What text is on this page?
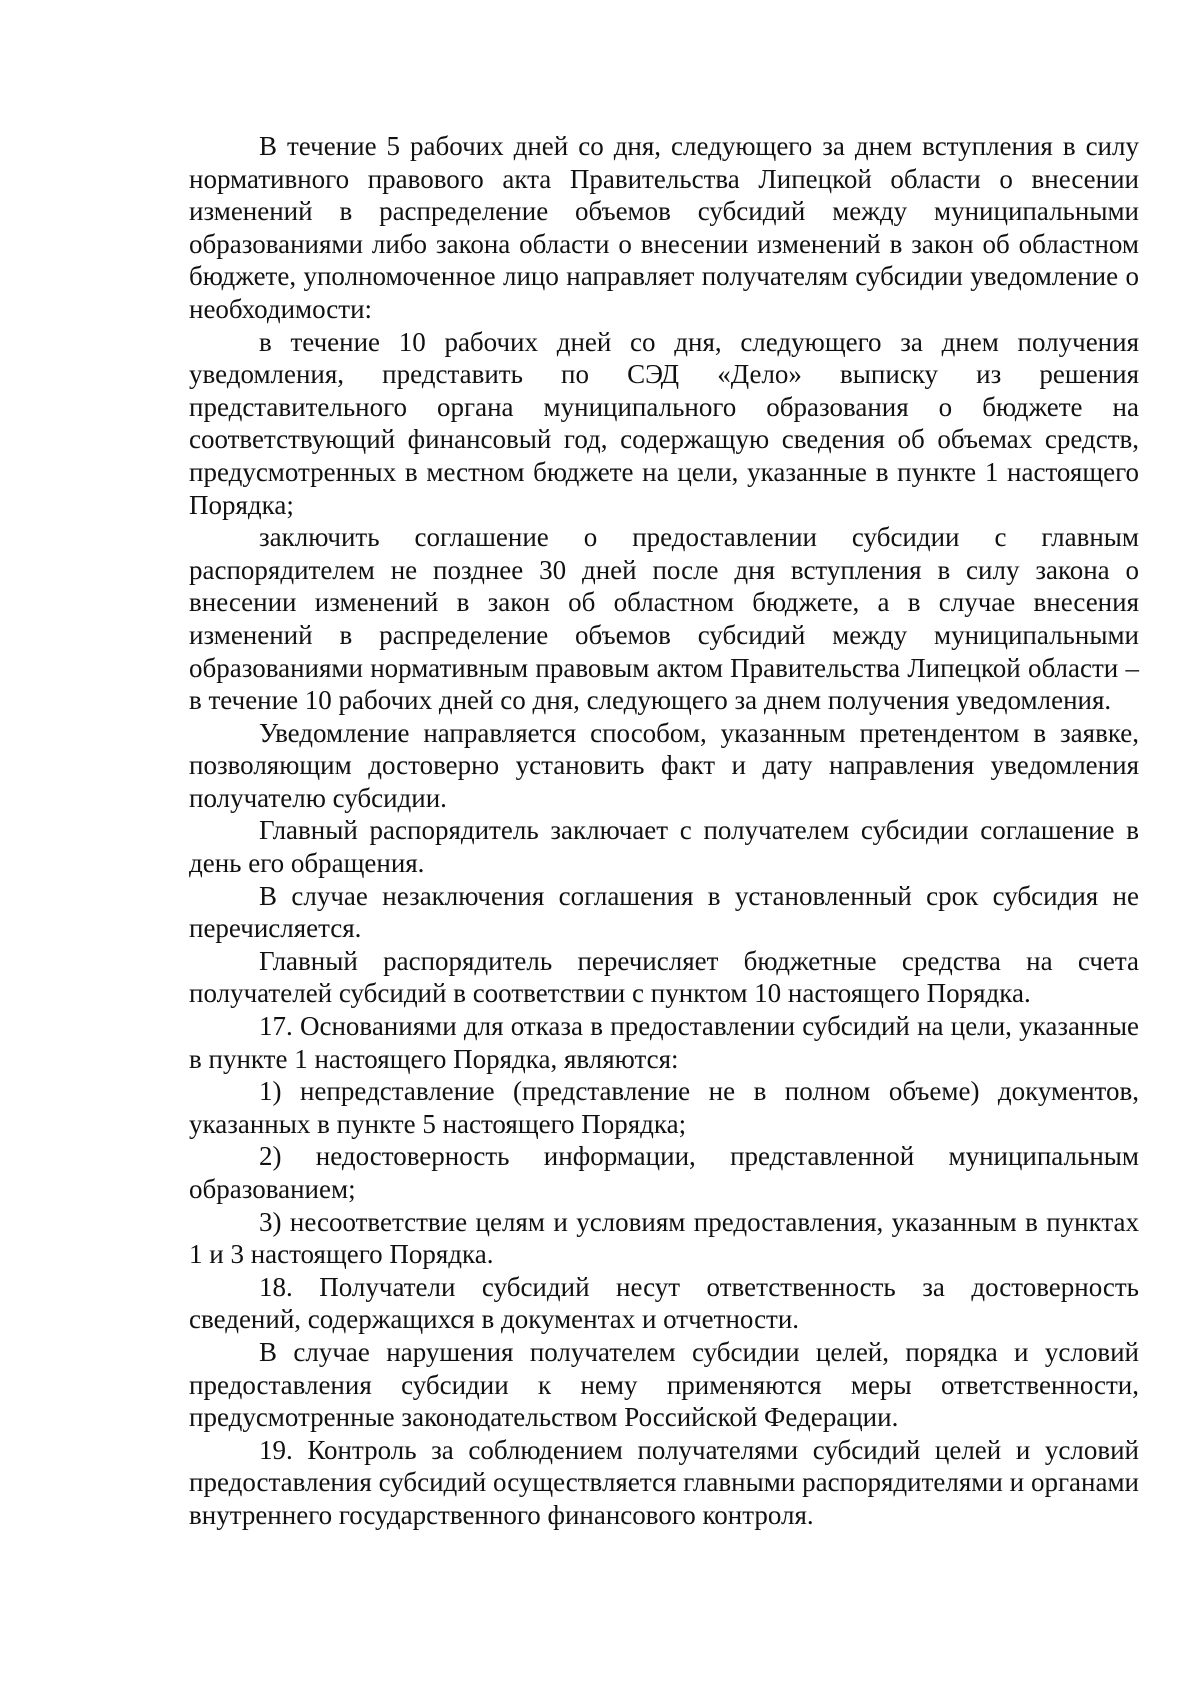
В течение 5 рабочих дней со дня, следующего за днем вступления в силу нормативного правового акта Правительства Липецкой области о внесении изменений в распределение объемов субсидий между муниципальными образованиями либо закона области о внесении изменений в закон об областном бюджете, уполномоченное лицо направляет получателям субсидии уведомление о необходимости:

в течение 10 рабочих дней со дня, следующего за днем получения уведомления, представить по СЭД «Дело» выписку из решения представительного органа муниципального образования о бюджете на соответствующий финансовый год, содержащую сведения об объемах средств, предусмотренных в местном бюджете на цели, указанные в пункте 1 настоящего Порядка;

заключить соглашение о предоставлении субсидии с главным распорядителем не позднее 30 дней после дня вступления в силу закона о внесении изменений в закон об областном бюджете, а в случае внесения изменений в распределение объемов субсидий между муниципальными образованиями нормативным правовым актом Правительства Липецкой области – в течение 10 рабочих дней со дня, следующего за днем получения уведомления.

Уведомление направляется способом, указанным претендентом в заявке, позволяющим достоверно установить факт и дату направления уведомления получателю субсидии.

Главный распорядитель заключает с получателем субсидии соглашение в день его обращения.

В случае незаключения соглашения в установленный срок субсидия не перечисляется.

Главный распорядитель перечисляет бюджетные средства на счета получателей субсидий в соответствии с пунктом 10 настоящего Порядка.

17. Основаниями для отказа в предоставлении субсидий на цели, указанные в пункте 1 настоящего Порядка, являются:

1) непредставление (представление не в полном объеме) документов, указанных в пункте 5 настоящего Порядка;

2) недостоверность информации, представленной муниципальным образованием;

3) несоответствие целям и условиям предоставления, указанным в пунктах 1 и 3 настоящего Порядка.

18. Получатели субсидий несут ответственность за достоверность сведений, содержащихся в документах и отчетности.

В случае нарушения получателем субсидии целей, порядка и условий предоставления субсидии к нему применяются меры ответственности, предусмотренные законодательством Российской Федерации.

19. Контроль за соблюдением получателями субсидий целей и условий предоставления субсидий осуществляется главными распорядителями и органами внутреннего государственного финансового контроля.
